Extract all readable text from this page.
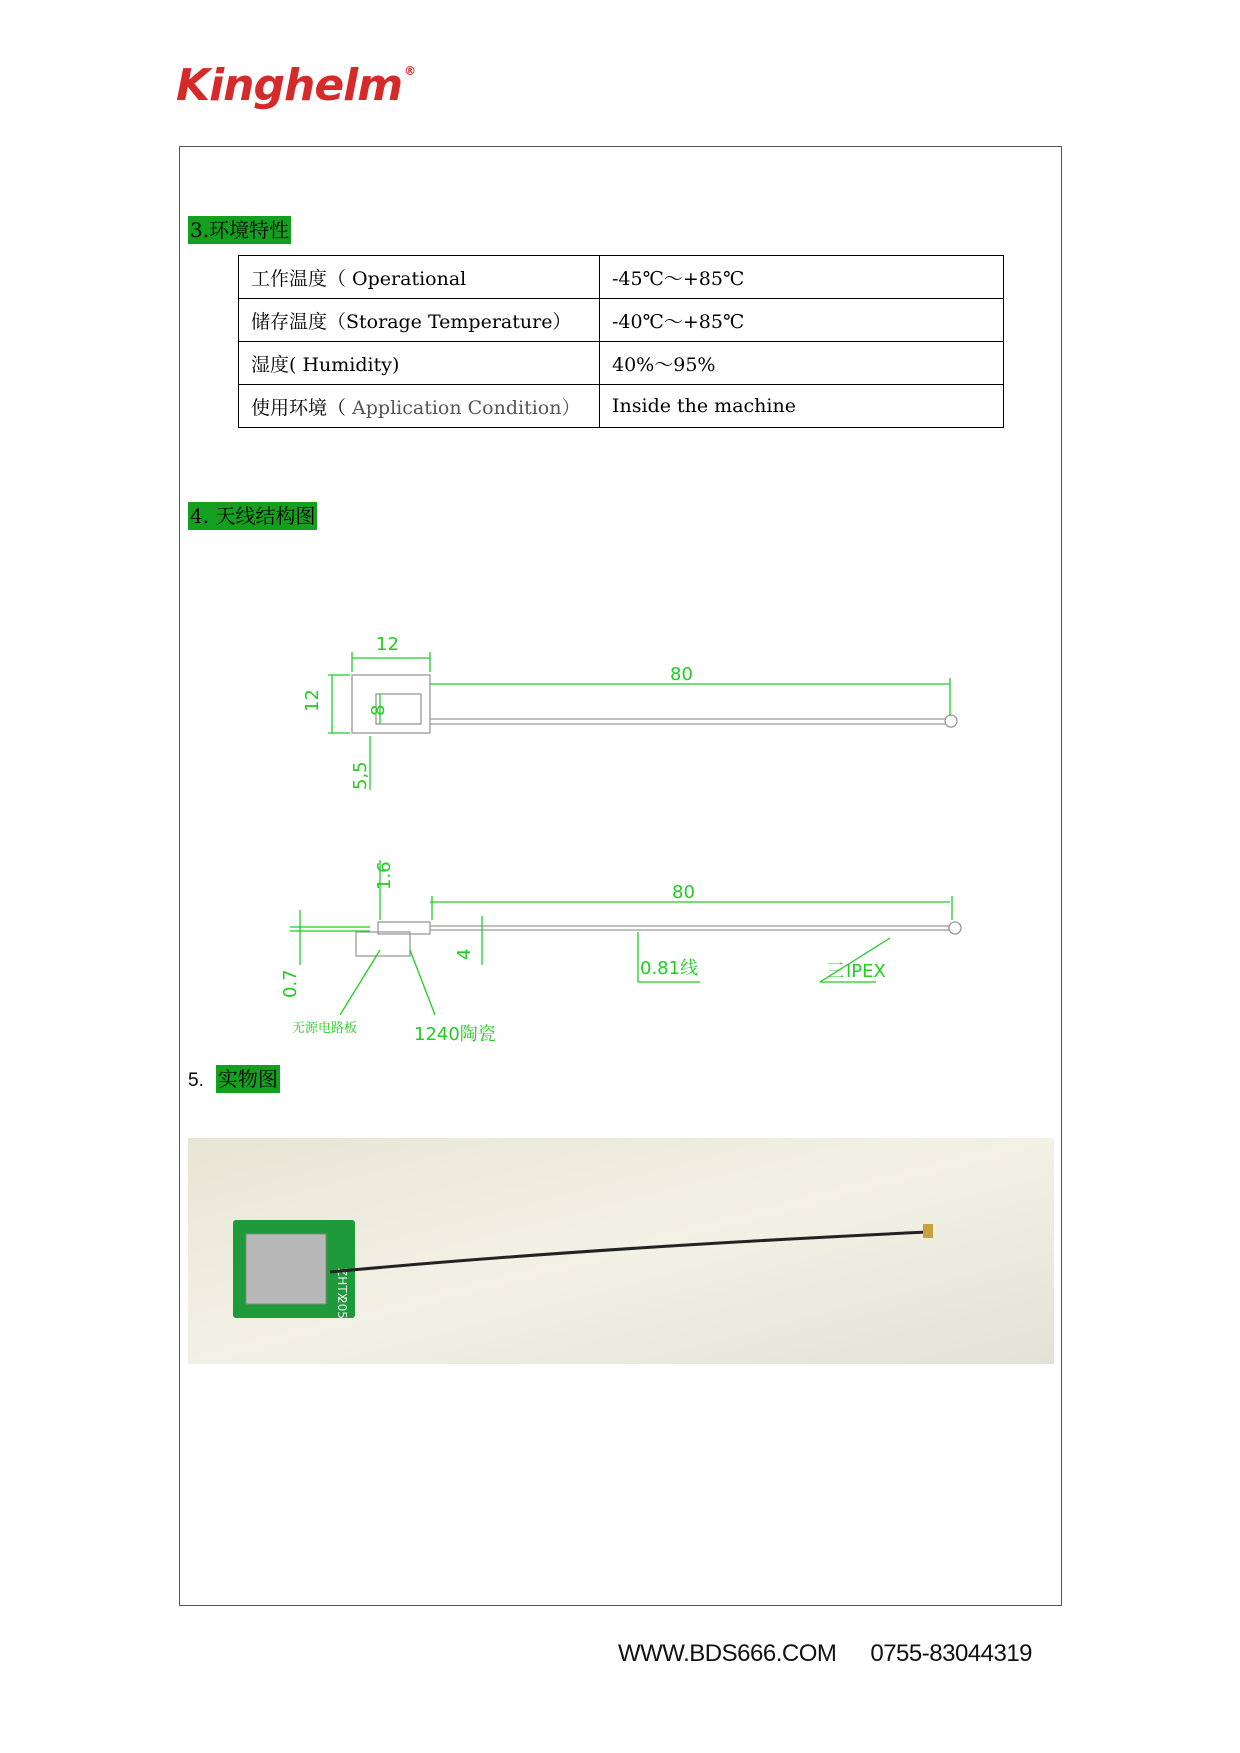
Kinghelm ®
3.环境特性
工作温度（ Operational	-45℃～+85℃
储存温度（Storage Temperature）	-40℃～+85℃
湿度( Humidity)	40%～95%
使用环境（ Application Condition）	Inside the machine
4. 天线结构图
12
80
12	8
5,5
80
1.6
0.7
4
0.81线	三 IPEX
无源电路板	1240陶瓷
5. 实物图
ZHTX
205
WWW.BDS666.COM 0755-83044319
